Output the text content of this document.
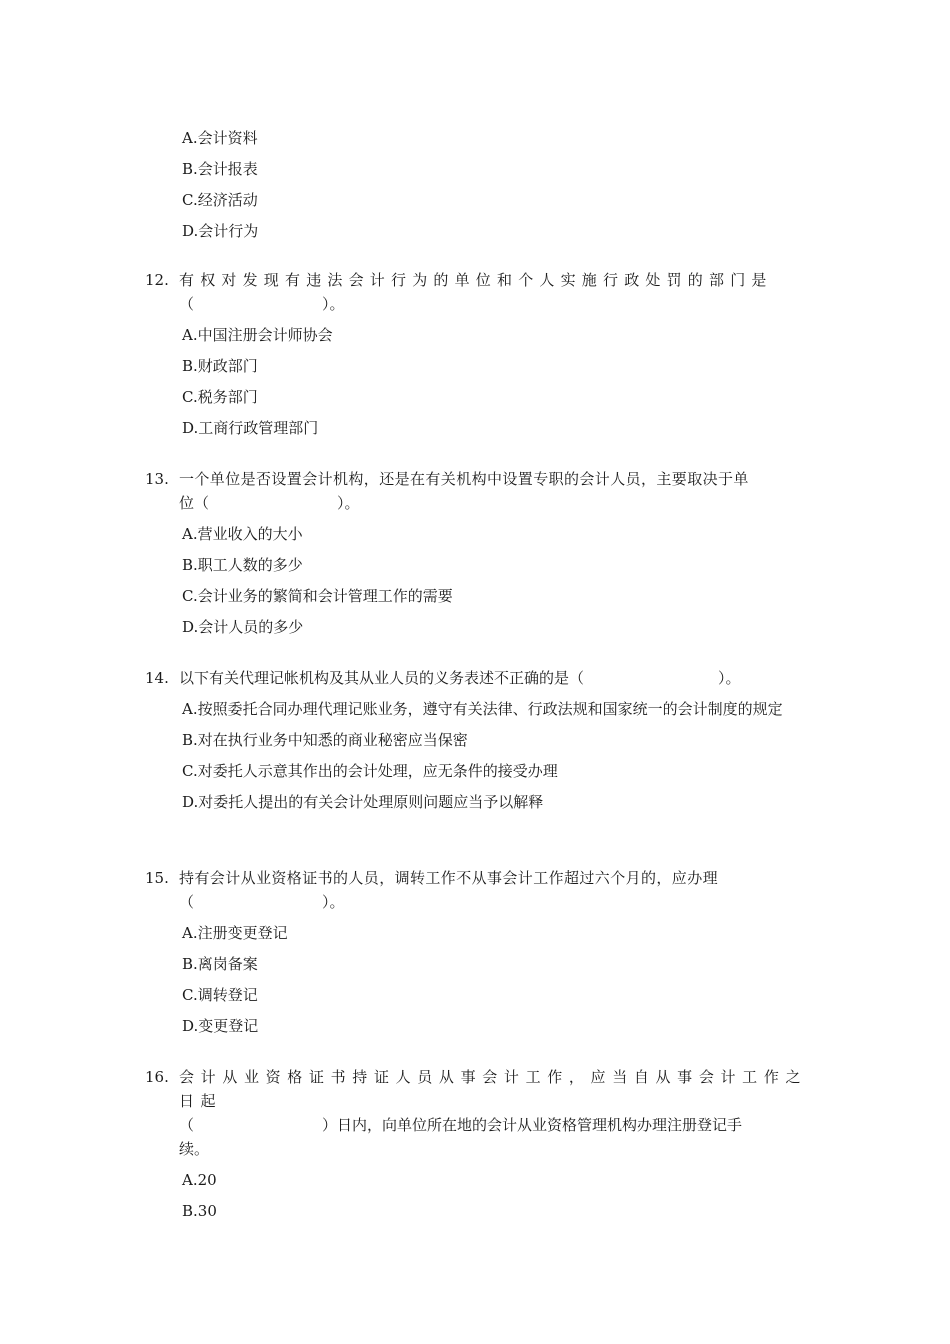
A.会计资料
B.会计报表
C.经济活动
D.会计行为
12. 有权对发现有违法会计行为的单位和个人实施行政处罚的部门是
（	）。
A.中国注册会计师协会
B.财政部门
C.税务部门
D.工商行政管理部门
13. 一个单位是否设置会计机构，还是在有关机构中设置专职的会计人员，主要取决于单
位（	）。
A.营业收入的大小
B.职工人数的多少
C.会计业务的繁简和会计管理工作的需要
D.会计人员的多少
14. 以下有关代理记帐机构及其从业人员的义务表述不正确的是（	）。
A.按照委托合同办理代理记账业务，遵守有关法律、行政法规和国家统一的会计制度的规定
B.对在执行业务中知悉的商业秘密应当保密
C.对委托人示意其作出的会计处理，应无条件的接受办理
D.对委托人提出的有关会计处理原则问题应当予以解释
15. 持有会计从业资格证书的人员，调转工作不从事会计工作超过六个月的，应办理
（	）。
A.注册变更登记
B.离岗备案
C.调转登记
D.变更登记
16. 会计从业资格证书持证人员从事会计工作，应当自从事会计工作之日起
（	）日内，向单位所在地的会计从业资格管理机构办理注册登记手
续。
A.20
B.30
